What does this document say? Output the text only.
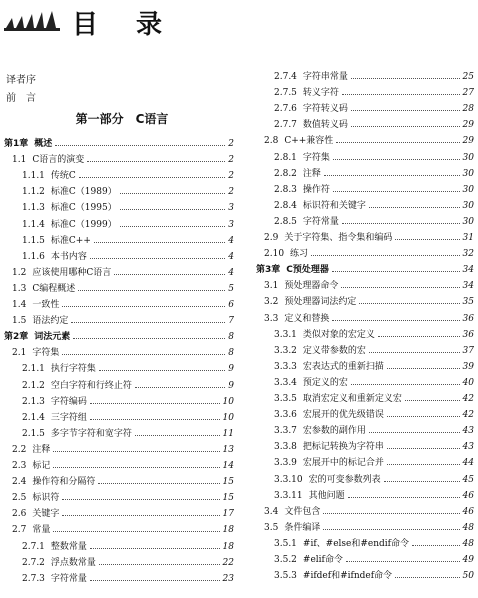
目 录
译者序
前　言
第一部分　C语言
第1章 概述	2
1.1 C语言的演变	2
1.1.1 传统C	2
1.1.2 标准C（1989）	2
1.1.3 标准C（1995）	3
1.1.4 标准C（1999）	3
1.1.5 标准C++	4
1.1.6 本书内容	4
1.2 应该使用哪种C语言	4
1.3 C编程概述	5
1.4 一致性	6
1.5 语法约定	7
第2章 词法元素	8
2.1 字符集	8
2.1.1 执行字符集	9
2.1.2 空白字符和行终止符	9
2.1.3 字符编码	10
2.1.4 三字符组	10
2.1.5 多字节字符和宽字符	11
2.2 注释	13
2.3 标记	14
2.4 操作符和分隔符	15
2.5 标识符	15
2.6 关键字	17
2.7 常量	18
2.7.1 整数常量	18
2.7.2 浮点数常量	22
2.7.3 字符常量	23
2.7.4 字符串常量	25
2.7.5 转义字符	27
2.7.6 字符转义码	28
2.7.7 数值转义码	29
2.8 C++兼容性	29
2.8.1 字符集	30
2.8.2 注释	30
2.8.3 操作符	30
2.8.4 标识符和关键字	30
2.8.5 字符常量	30
2.9 关于字符集、指令集和编码	31
2.10 练习	32
第3章 C预处理器	34
3.1 预处理器命令	34
3.2 预处理器词法约定	35
3.3 定义和替换	36
3.3.1 类似对象的宏定义	36
3.3.2 定义带参数的宏	37
3.3.3 宏表达式的重新扫描	39
3.3.4 预定义的宏	40
3.3.5 取消宏定义和重新定义宏	42
3.3.6 宏展开的优先级错误	42
3.3.7 宏参数的副作用	43
3.3.8 把标记转换为字符串	43
3.3.9 宏展开中的标记合并	44
3.3.10 宏的可变参数列表	45
3.3.11 其他问题	46
3.4 文件包含	46
3.5 条件编译	48
3.5.1 #if、#else和#endif命令	48
3.5.2 #elif命令	49
3.5.3 #ifdef和#ifndef命令	50
